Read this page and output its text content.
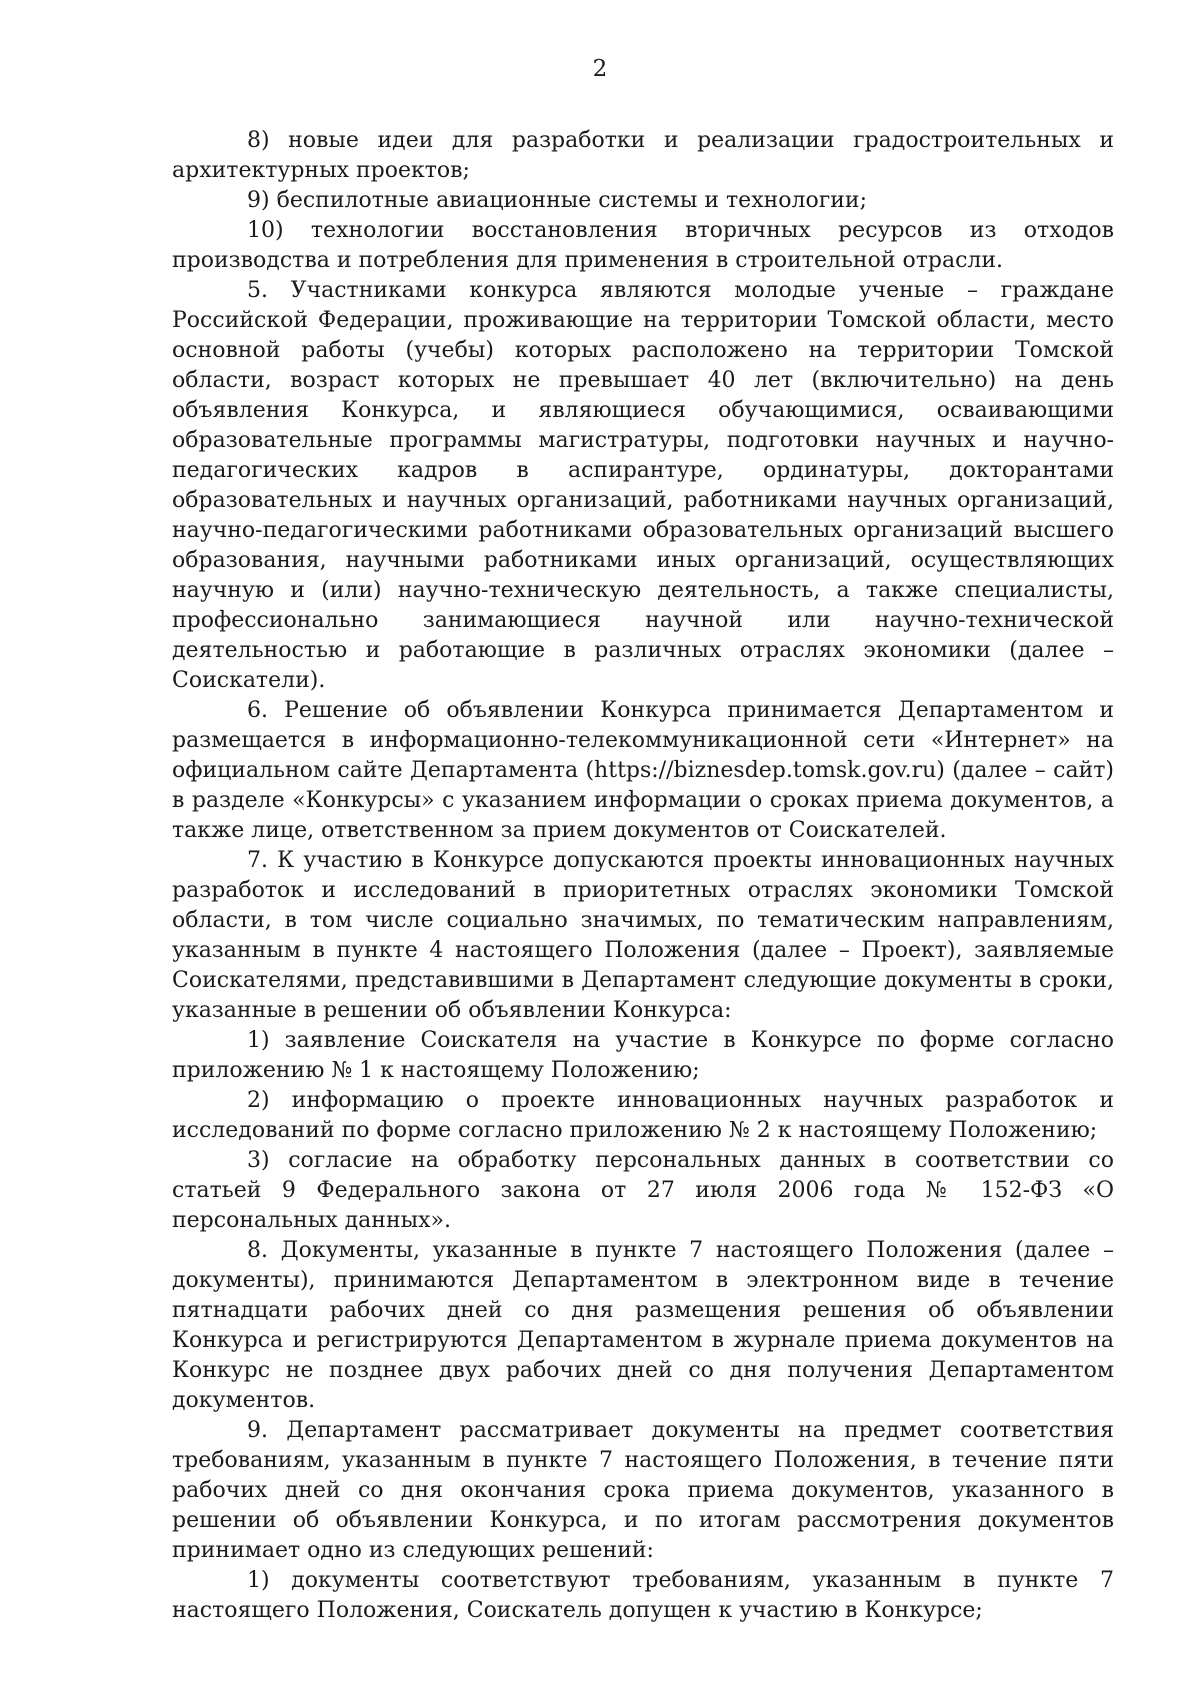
2

8) новые идеи для разработки и реализации градостроительных и архитектурных проектов;

9) беспилотные авиационные системы и технологии;

10) технологии восстановления вторичных ресурсов из отходов производства и потребления для применения в строительной отрасли.

5. Участниками конкурса являются молодые ученые – граждане Российской Федерации, проживающие на территории Томской области, место основной работы (учебы) которых расположено на территории Томской области, возраст которых не превышает 40 лет (включительно) на день объявления Конкурса, и являющиеся обучающимися, осваивающими образовательные программы магистратуры, подготовки научных и научно-педагогических кадров в аспирантуре, ординатуры, докторантами образовательных и научных организаций, работниками научных организаций, научно-педагогическими работниками образовательных организаций высшего образования, научными работниками иных организаций, осуществляющих научную и (или) научно-техническую деятельность, а также специалисты, профессионально занимающиеся научной или научно-технической деятельностью и работающие в различных отраслях экономики (далее – Соискатели).

6. Решение об объявлении Конкурса принимается Департаментом и размещается в информационно-телекоммуникационной сети «Интернет» на официальном сайте Департамента (https://biznesdep.tomsk.gov.ru) (далее – сайт) в разделе «Конкурсы» с указанием информации о сроках приема документов, а также лице, ответственном за прием документов от Соискателей.

7. К участию в Конкурсе допускаются проекты инновационных научных разработок и исследований в приоритетных отраслях экономики Томской области, в том числе социально значимых, по тематическим направлениям, указанным в пункте 4 настоящего Положения (далее – Проект), заявляемые Соискателями, представившими в Департамент следующие документы в сроки, указанные в решении об объявлении Конкурса:

1) заявление Соискателя на участие в Конкурсе по форме согласно приложению № 1 к настоящему Положению;

2) информацию о проекте инновационных научных разработок и исследований по форме согласно приложению № 2 к настоящему Положению;

3) согласие на обработку персональных данных в соответствии со статьей 9 Федерального закона от 27 июля 2006 года № 152-ФЗ «О персональных данных».

8. Документы, указанные в пункте 7 настоящего Положения (далее – документы), принимаются Департаментом в электронном виде в течение пятнадцати рабочих дней со дня размещения решения об объявлении Конкурса и регистрируются Департаментом в журнале приема документов на Конкурс не позднее двух рабочих дней со дня получения Департаментом документов.

9. Департамент рассматривает документы на предмет соответствия требованиям, указанным в пункте 7 настоящего Положения, в течение пяти рабочих дней со дня окончания срока приема документов, указанного в решении об объявлении Конкурса, и по итогам рассмотрения документов принимает одно из следующих решений:

1) документы соответствуют требованиям, указанным в пункте 7 настоящего Положения, Соискатель допущен к участию в Конкурсе;
